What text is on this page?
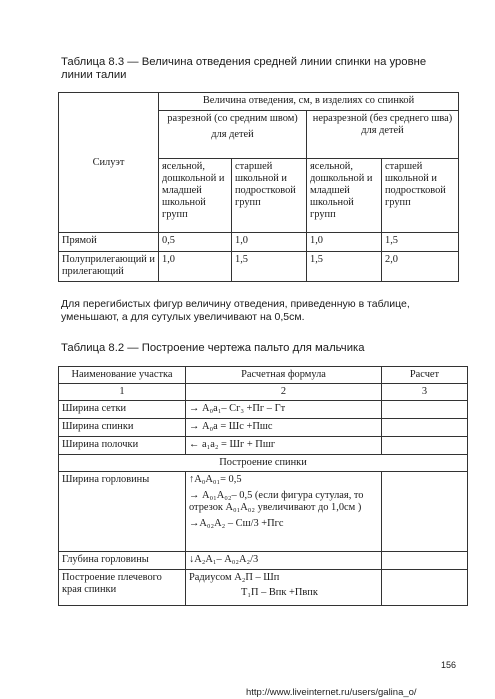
Таблица 8.3 — Величина отведения средней линии спинки на уровне линии талии
Силуэт	Величина отведения, см, в изделиях со спинкой			

	разрезной (со средним швом)
для детей		неразрезной (без среднего шва) для детей	
	ясельной, дошкольной и младшей школьной групп	старшей школьной и подростковой групп	ясельной, дошкольной и младшей школьной групп	старшей школьной и подростковой групп
Прямой	0,5	1,0	1,0	1,5
Полуприлегающий и прилегающий	1,0	1,5	1,5	2,0
Для перегибистых фигур величину отведения, приведенную в таблице, уменьшают, а для сутулых увеличивают на 0,5см.
Таблица 8.2 — Построение чертежа пальто для мальчика
Наименование участка	Расчетная формула	Расчет
1	2	3
Ширина сетки	→ А₀а₁– Сг₃ +Пг – Гт	
Ширина спинки	→ А₀а = Шс +Пшс	
Ширина полочки	← а₁а₂ = Шг + Пшг	
Построение спинки		
Ширина горловины	↑А₀А₀₁= 0,5
→ А₀₁А₀₂– 0,5 (если фигура сутулая, то отрезок А₀₁А₀₂ увеличивают до 1,0см )
→А₀₂А₂ – Сш/3 +Пгс	

Глубина горловины	↓А₂А₁– А₀₂А₂/3	

Построение плечевого края спинки	Радиусом А₂П – Шп
Т₁П – Впк +Пвпк	

156
http://www.liveinternet.ru/users/galina_o/
